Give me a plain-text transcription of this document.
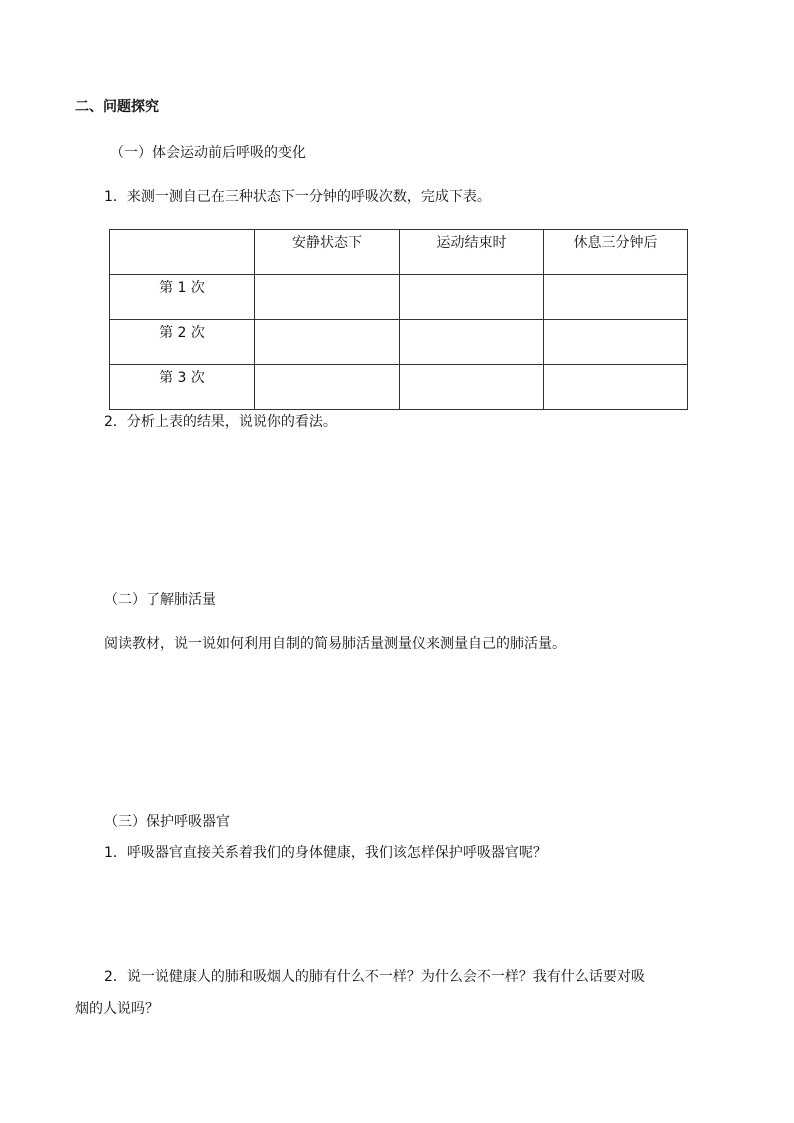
二、问题探究
（一）体会运动前后呼吸的变化
1．来测一测自己在三种状态下一分钟的呼吸次数，完成下表。

	安静状态下	运动结束时	休息三分钟后

第 1 次			

第 2 次			

第 3 次			

2．分析上表的结果，说说你的看法。
（二）了解肺活量
阅读教材，说一说如何利用自制的简易肺活量测量仪来测量自己的肺活量。
（三）保护呼吸器官
1．呼吸器官直接关系着我们的身体健康，我们该怎样保护呼吸器官呢？
2．说一说健康人的肺和吸烟人的肺有什么不一样？为什么会不一样？我有什么话要对吸
烟的人说吗？
